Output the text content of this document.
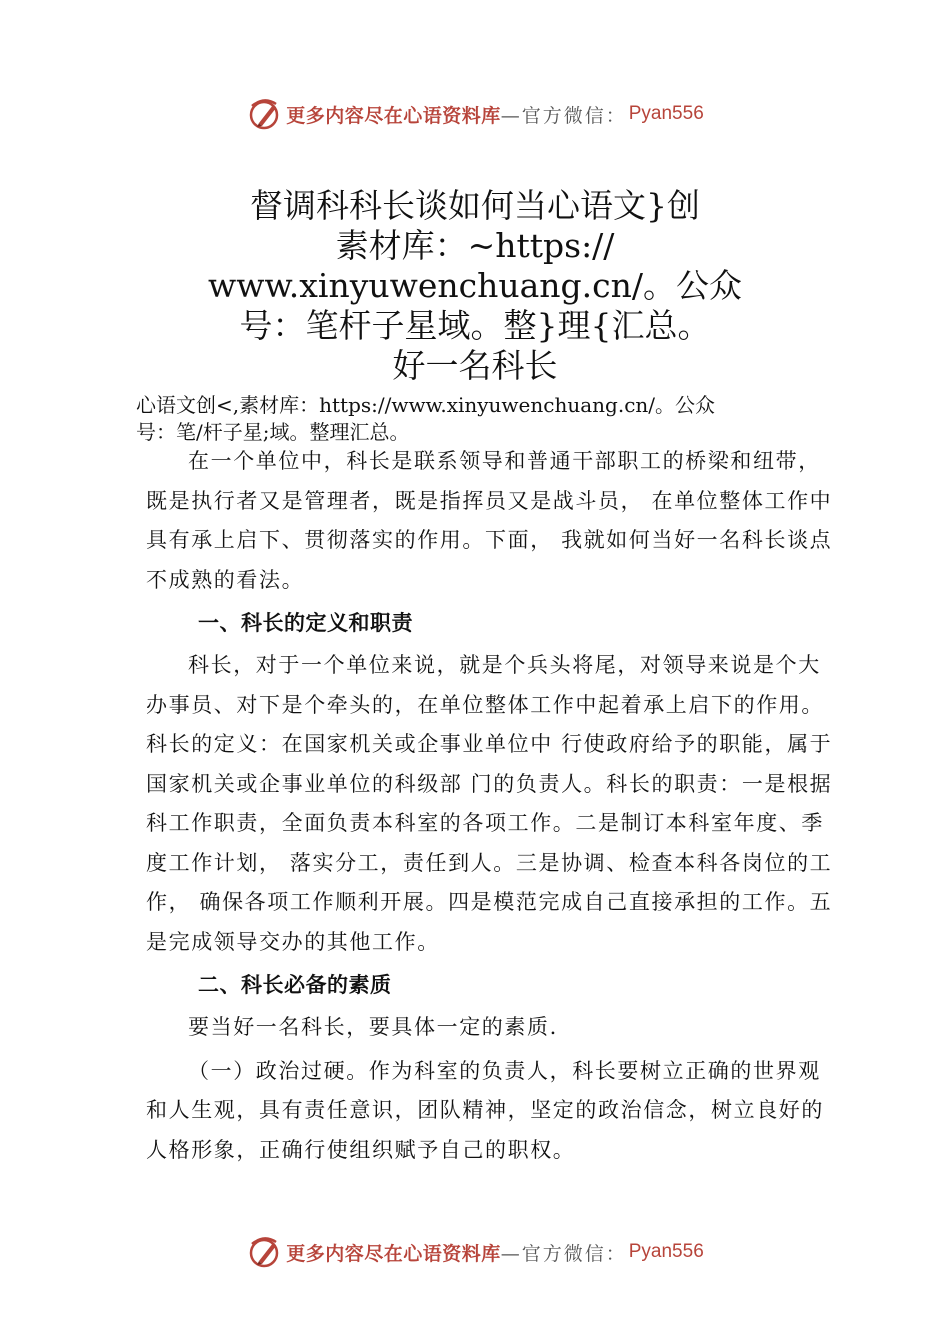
更多内容尽在心语资料库 —官方微信： Pyan556
督调科科长谈如何当心语文}创
素材库：~https://
www.xinyuwenchuang.cn/。公众
号：笔杆子星域。整}理{汇总。
好一名科长
心语文创<,素材库：https://www.xinyuwenchuang.cn/。公众
号：笔/杆子星;域。整理汇总。

在一个单位中，科长是联系领导和普通干部职工的桥梁和纽带，既是执行者又是管理者，既是指挥员又是战斗员， 在单位整体工作中具有承上启下、贯彻落实的作用。下面， 我就如何当好一名科长谈点不成熟的看法。

一、科长的定义和职责

科长，对于一个单位来说，就是个兵头将尾，对领导来说是个大办事员、对下是个牵头的，在单位整体工作中起着承上启下的作用。科长的定义：在国家机关或企事业单位中 行使政府给予的职能，属于国家机关或企事业单位的科级部 门的负责人。科长的职责：一是根据科工作职责，全面负责本科室的各项工作。二是制订本科室年度、季度工作计划， 落实分工，责任到人。三是协调、检查本科各岗位的工作， 确保各项工作顺利开展。四是模范完成自己直接承担的工作。五是完成领导交办的其他工作。

二、科长必备的素质

要当好一名科长，要具体一定的素质.

（一）政治过硬。作为科室的负责人，科长要树立正确的世界观和人生观，具有责任意识，团队精神，坚定的政治信念，树立良好的人格形象，正确行使组织赋予自己的职权。

更多内容尽在心语资料库 —官方微信： Pyan556
